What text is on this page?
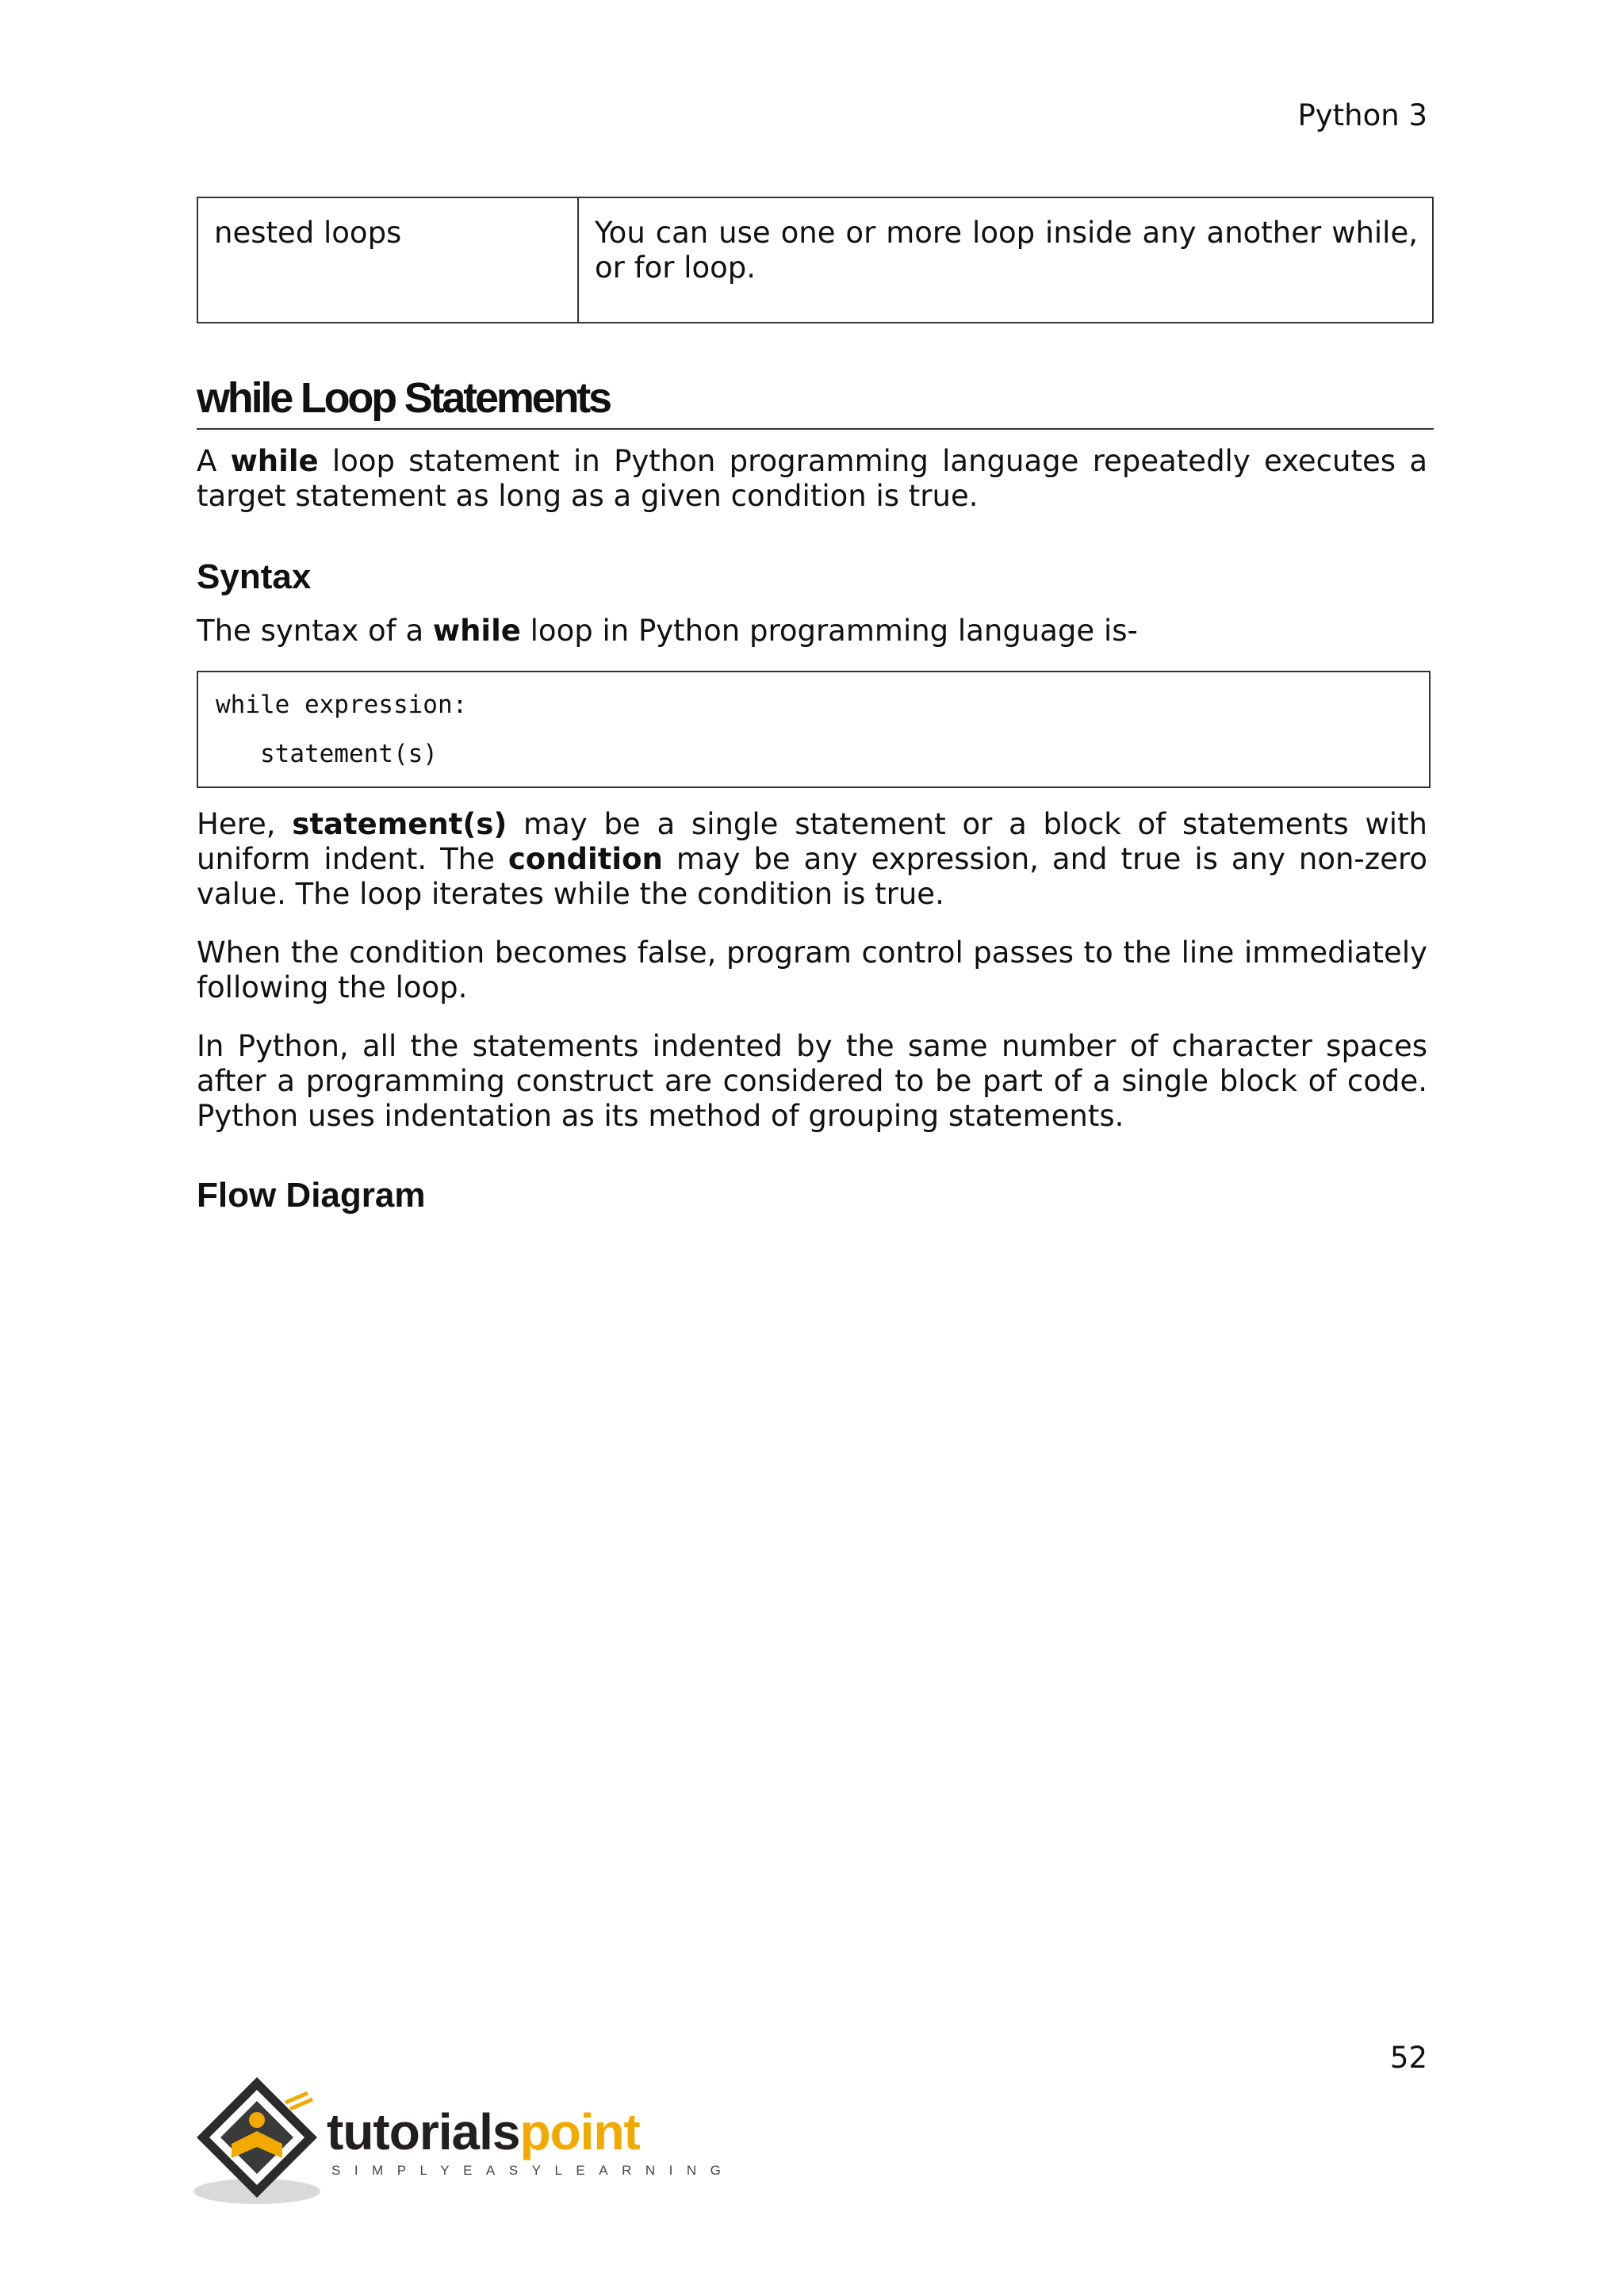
Python 3
nested loops	You can use one or more loop inside any another while, or for loop.
while Loop Statements

A while loop statement in Python programming language repeatedly executes a target statement as long as a given condition is true.

Syntax

The syntax of a while loop in Python programming language is-

while expression:
statement(s)

Here, statement(s) may be a single statement or a block of statements with uniform indent. The condition may be any expression, and true is any non-zero value. The loop iterates while the condition is true.

When the condition becomes false, program control passes to the line immediately following the loop.

In Python, all the statements indented by the same number of character spaces after a programming construct are considered to be part of a single block of code. Python uses indentation as its method of grouping statements.

Flow Diagram
52
tutorialspoint
SIMPLYEASYLEARNING
